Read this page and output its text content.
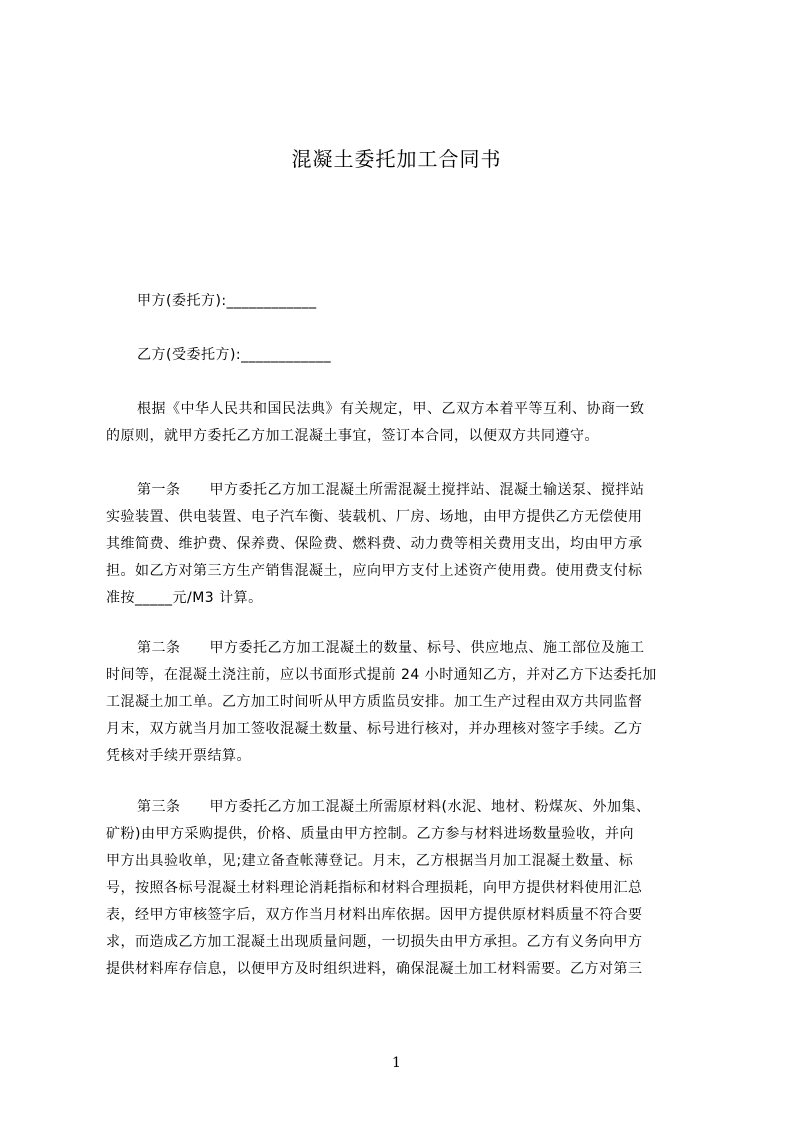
混凝土委托加工合同书
甲方(委托方):____________
乙方(受委托方):____________
根据《中华人民共和国民法典》有关规定，甲、乙双方本着平等互利、协商一致
的原则，就甲方委托乙方加工混凝土事宜，签订本合同，以便双方共同遵守。
第一条　　甲方委托乙方加工混凝土所需混凝土搅拌站、混凝土输送泵、搅拌站
实验装置、供电装置、电子汽车衡、装载机、厂房、场地，由甲方提供乙方无偿使用
其维简费、维护费、保养费、保险费、燃料费、动力费等相关费用支出，均由甲方承
担。如乙方对第三方生产销售混凝土，应向甲方支付上述资产使用费。使用费支付标
准按_____元/M3 计算。
第二条　　甲方委托乙方加工混凝土的数量、标号、供应地点、施工部位及施工
时间等，在混凝土浇注前，应以书面形式提前 24 小时通知乙方，并对乙方下达委托加
工混凝土加工单。乙方加工时间听从甲方质监员安排。加工生产过程由双方共同监督
月末，双方就当月加工签收混凝土数量、标号进行核对，并办理核对签字手续。乙方
凭核对手续开票结算。
第三条　　甲方委托乙方加工混凝土所需原材料(水泥、地材、粉煤灰、外加集、
矿粉)由甲方采购提供，价格、质量由甲方控制。乙方参与材料进场数量验收，并向
甲方出具验收单，见;建立备查帐薄登记。月末，乙方根据当月加工混凝土数量、标
号，按照各标号混凝土材料理论消耗指标和材料合理损耗，向甲方提供材料使用汇总
表，经甲方审核签字后，双方作当月材料出库依据。因甲方提供原材料质量不符合要
求，而造成乙方加工混凝土出现质量问题，一切损失由甲方承担。乙方有义务向甲方
提供材料库存信息，以便甲方及时组织进料，确保混凝土加工材料需要。乙方对第三
1
